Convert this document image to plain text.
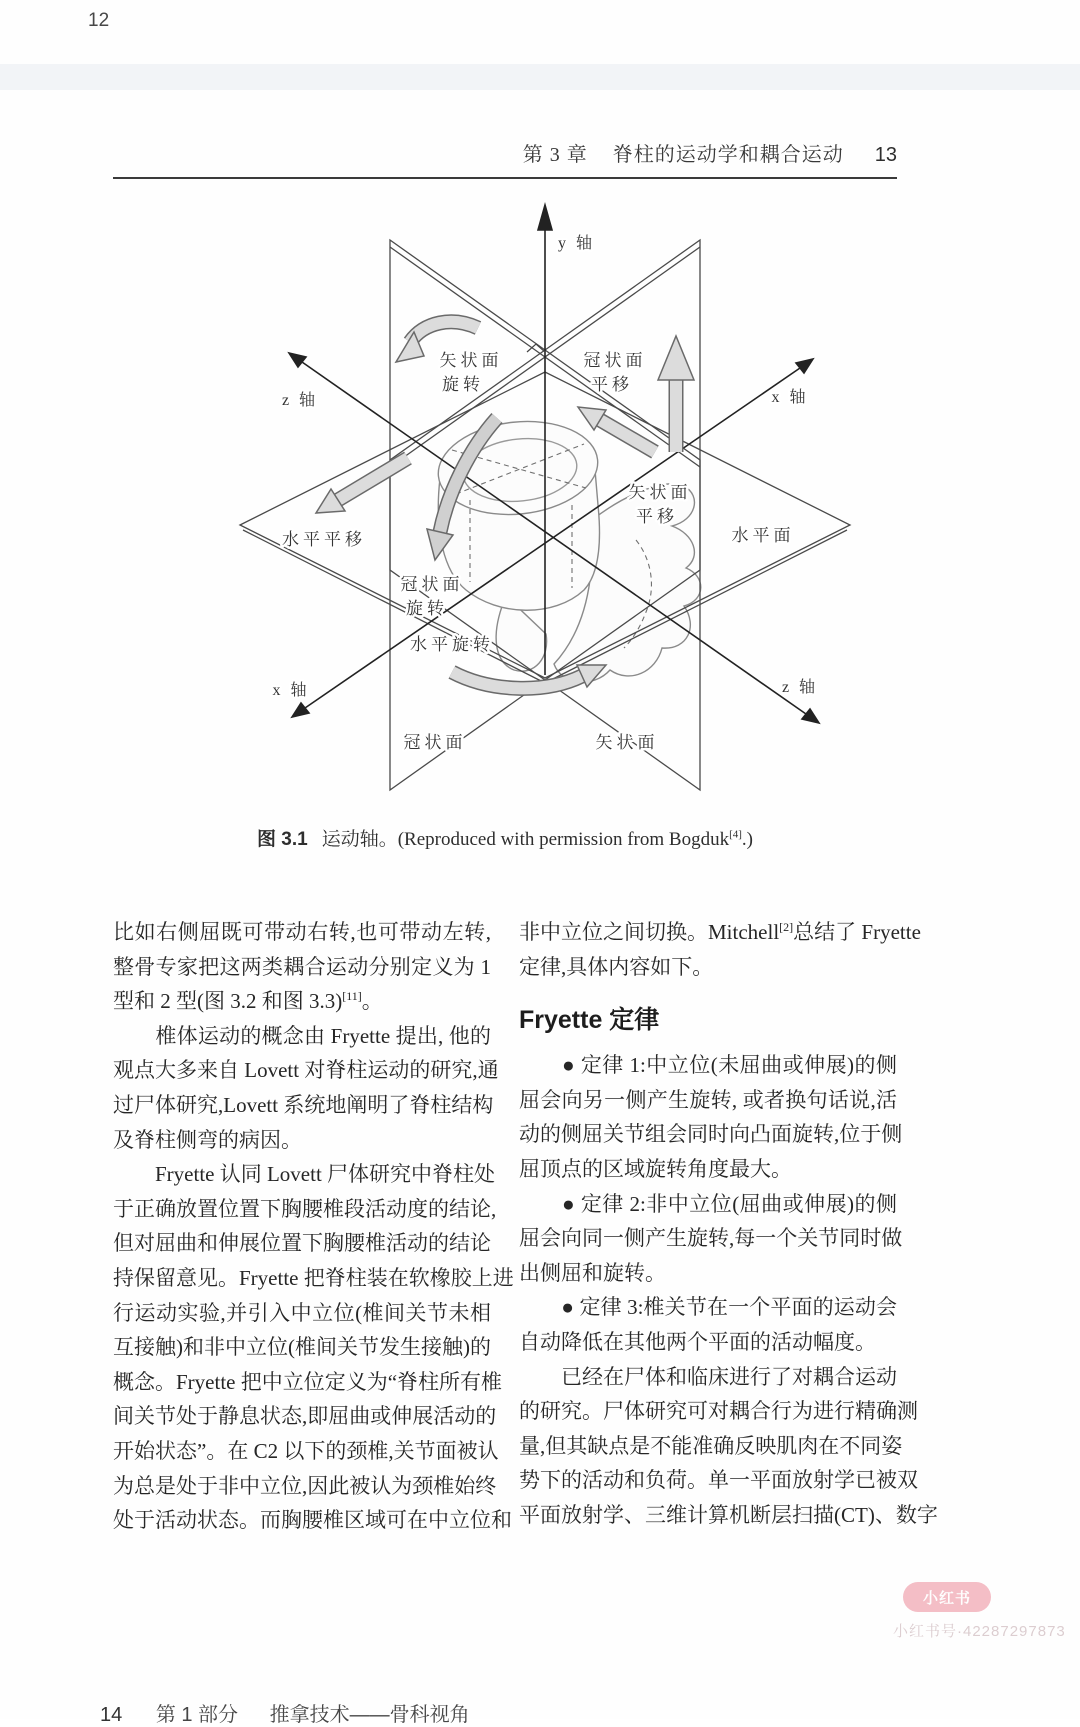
12
第 3 章 脊柱的运动学和耦合运动 13
y 轴
z 轴	x 轴
x 轴	z 轴
矢状面
旋转
冠状面
平移
水平平移
冠状面
旋转
水平旋转
矢状面
平移
水平面
冠状面	矢状面
图 3.1 运动轴。(Reproduced with permission from Bogduk[4].)
比如右侧屈既可带动右转,也可带动左转,
整骨专家把这两类耦合运动分别定义为 1
型和 2 型(图 3.2 和图 3.3)[11]。
　　椎体运动的概念由 Fryette 提出, 他的
观点大多来自 Lovett 对脊柱运动的研究,通
过尸体研究,Lovett 系统地阐明了脊柱结构
及脊柱侧弯的病因。
　　Fryette 认同 Lovett 尸体研究中脊柱处
于正确放置位置下胸腰椎段活动度的结论,
但对屈曲和伸展位置下胸腰椎活动的结论
持保留意见。Fryette 把脊柱装在软橡胶上进
行运动实验,并引入中立位(椎间关节未相
互接触)和非中立位(椎间关节发生接触)的
概念。Fryette 把中立位定义为“脊柱所有椎
间关节处于静息状态,即屈曲或伸展活动的
开始状态”。在 C2 以下的颈椎,关节面被认
为总是处于非中立位,因此被认为颈椎始终
处于活动状态。而胸腰椎区域可在中立位和
非中立位之间切换。Mitchell[2]总结了 Fryette
定律,具体内容如下。
Fryette 定律
　　● 定律 1:中立位(未屈曲或伸展)的侧
屈会向另一侧产生旋转, 或者换句话说,活
动的侧屈关节组会同时向凸面旋转,位于侧
屈顶点的区域旋转角度最大。
　　● 定律 2:非中立位(屈曲或伸展)的侧
屈会向同一侧产生旋转,每一个关节同时做
出侧屈和旋转。
　　● 定律 3:椎关节在一个平面的运动会
自动降低在其他两个平面的活动幅度。
　　已经在尸体和临床进行了对耦合运动
的研究。尸体研究可对耦合行为进行精确测
量,但其缺点是不能准确反映肌肉在不同姿
势下的活动和负荷。单一平面放射学已被双
平面放射学、三维计算机断层扫描(CT)、数字
14 第 1 部分 推拿技术——骨科视角
小红书
小红书号·42287297873
